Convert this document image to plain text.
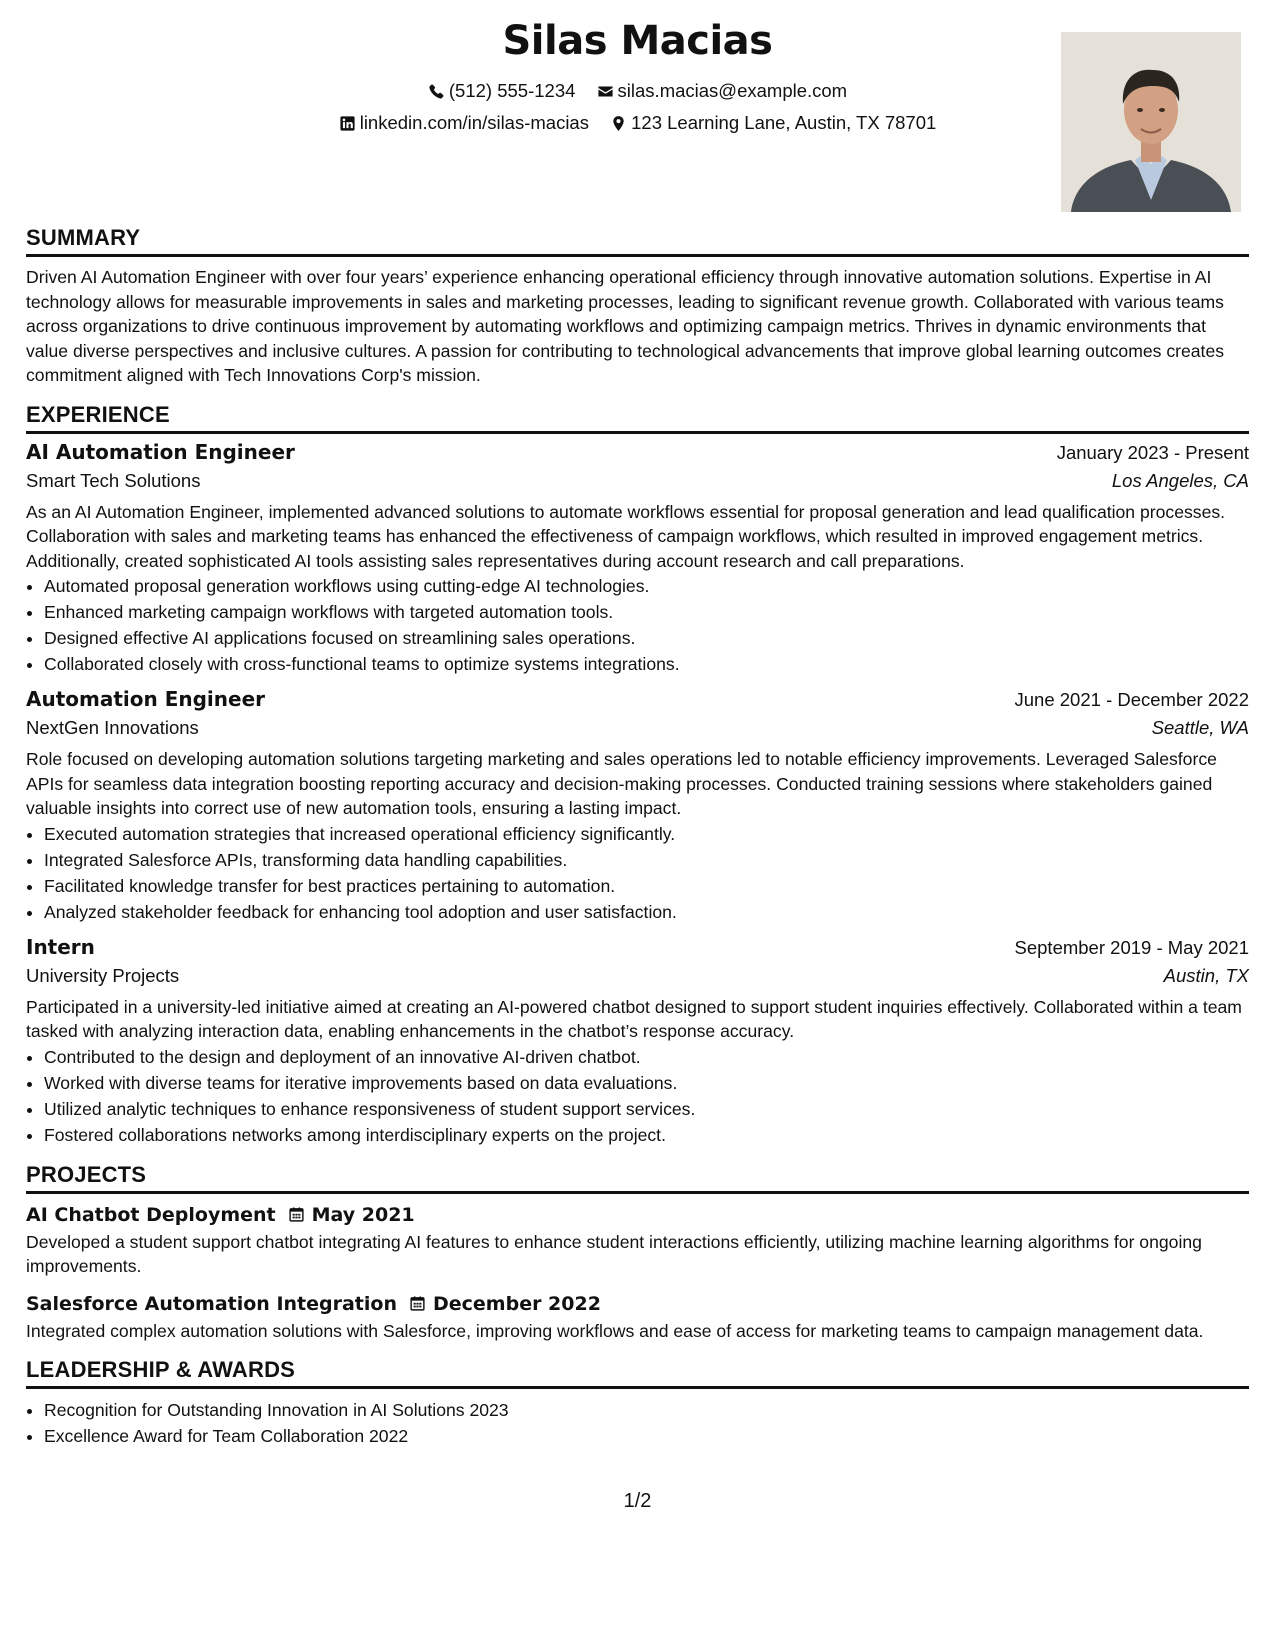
Silas Macias
(512) 555-1234
silas.macias@example.com
linkedin.com/in/silas-macias
123 Learning Lane, Austin, TX 78701
SUMMARY

Driven AI Automation Engineer with over four years’ experience enhancing operational efficiency through innovative automation solutions. Expertise in AI technology allows for measurable improvements in sales and marketing processes, leading to significant revenue growth. Collaborated with various teams across organizations to drive continuous improvement by automating workflows and optimizing campaign metrics. Thrives in dynamic environments that value diverse perspectives and inclusive cultures. A passion for contributing to technological advancements that improve global learning outcomes creates commitment aligned with Tech Innovations Corp's mission.

EXPERIENCE
AI Automation Engineer	January 2023 - Present
Smart Tech Solutions	Los Angeles, CA

As an AI Automation Engineer, implemented advanced solutions to automate workflows essential for proposal generation and lead qualification processes. Collaboration with sales and marketing teams has enhanced the effectiveness of campaign workflows, which resulted in improved engagement metrics. Additionally, created sophisticated AI tools assisting sales representatives during account research and call preparations.

• Automated proposal generation workflows using cutting-edge AI technologies.
• Enhanced marketing campaign workflows with targeted automation tools.
• Designed effective AI applications focused on streamlining sales operations.
• Collaborated closely with cross-functional teams to optimize systems integrations.
Automation Engineer	June 2021 - December 2022
NextGen Innovations	Seattle, WA

Role focused on developing automation solutions targeting marketing and sales operations led to notable efficiency improvements. Leveraged Salesforce APIs for seamless data integration boosting reporting accuracy and decision-making processes. Conducted training sessions where stakeholders gained valuable insights into correct use of new automation tools, ensuring a lasting impact.

• Executed automation strategies that increased operational efficiency significantly.
• Integrated Salesforce APIs, transforming data handling capabilities.
• Facilitated knowledge transfer for best practices pertaining to automation.
• Analyzed stakeholder feedback for enhancing tool adoption and user satisfaction.
Intern	September 2019 - May 2021
University Projects	Austin, TX

Participated in a university-led initiative aimed at creating an AI-powered chatbot designed to support student inquiries effectively. Collaborated within a team tasked with analyzing interaction data, enabling enhancements in the chatbot’s response accuracy.

• Contributed to the design and deployment of an innovative AI-driven chatbot.
• Worked with diverse teams for iterative improvements based on data evaluations.
• Utilized analytic techniques to enhance responsiveness of student support services.
• Fostered collaborations networks among interdisciplinary experts on the project.
PROJECTS
AI Chatbot Deployment May 2021

Developed a student support chatbot integrating AI features to enhance student interactions efficiently, utilizing machine learning algorithms for ongoing improvements.

Salesforce Automation Integration December 2022

Integrated complex automation solutions with Salesforce, improving workflows and ease of access for marketing teams to campaign management data.

LEADERSHIP & AWARDS
• Recognition for Outstanding Innovation in AI Solutions 2023
• Excellence Award for Team Collaboration 2022
1/2
